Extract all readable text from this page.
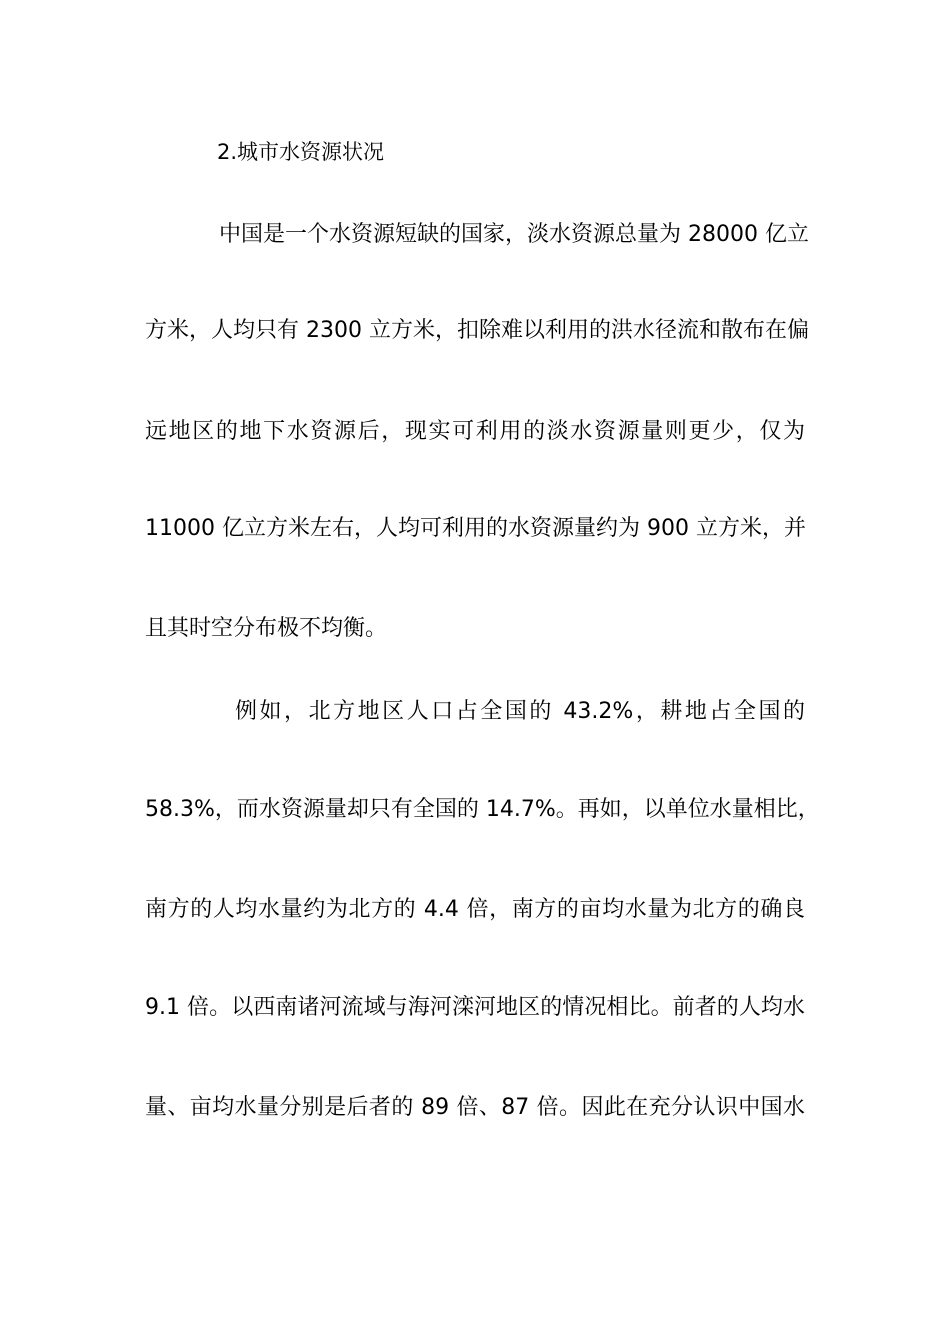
2.城市水资源状况
中国是一个水资源短缺的国家，淡水资源总量为 28000 亿立
方米，人均只有 2300 立方米，扣除难以利用的洪水径流和散布在偏
远地区的地下水资源后，现实可利用的淡水资源量则更少，仅为
11000 亿立方米左右，人均可利用的水资源量约为 900 立方米，并
且其时空分布极不均衡。
例如，北方地区人口占全国的 43.2%，耕地占全国的
58.3%，而水资源量却只有全国的 14.7%。再如，以单位水量相比，
南方的人均水量约为北方的 4.4 倍，南方的亩均水量为北方的确良
9.1 倍。以西南诸河流域与海河滦河地区的情况相比。前者的人均水
量、亩均水量分别是后者的 89 倍、87 倍。因此在充分认识中国水
